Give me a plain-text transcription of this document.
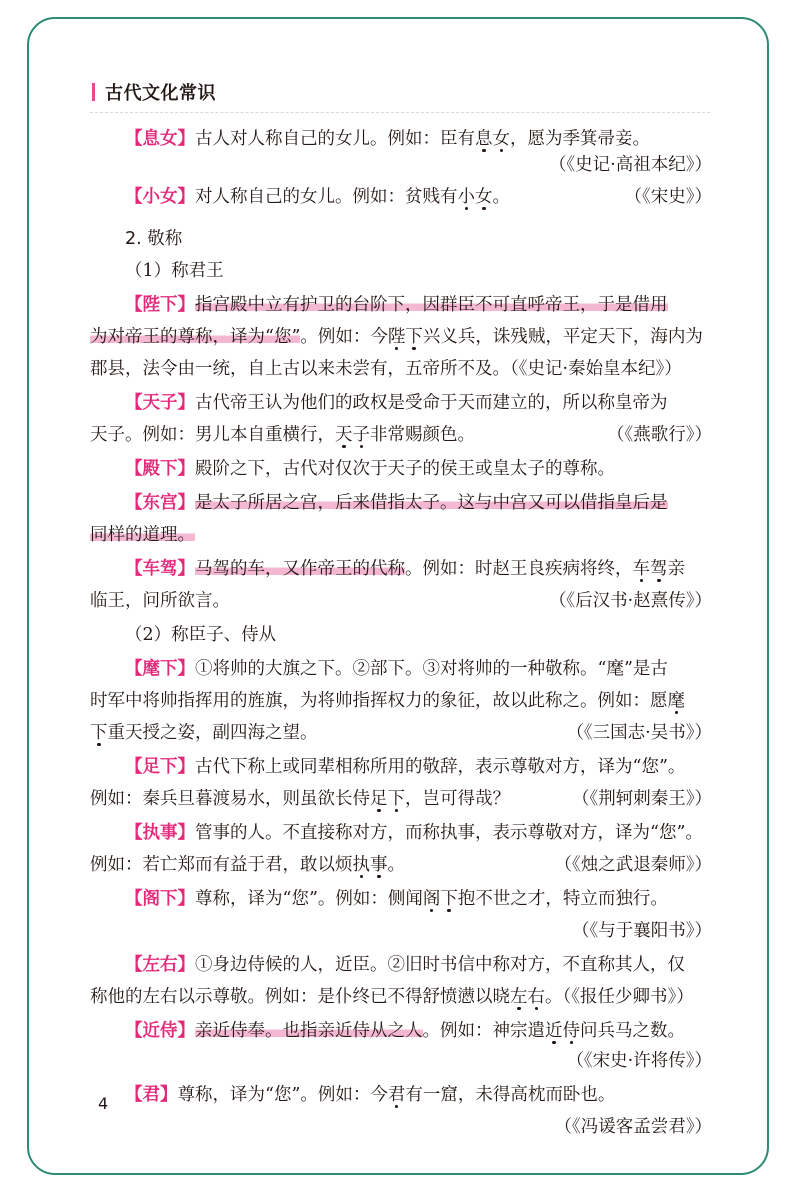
古代文化常识
【息女】古人对人称自己的女儿。例如：臣有息女，愿为季箕帚妾。
（《史记·高祖本纪》）
【小女】对人称自己的女儿。例如：贫贱有小女。	（《宋史》）
2. 敬称
（1）称君王
【陛下】指宫殿中立有护卫的台阶下，因群臣不可直呼帝王，于是借用
为对帝王的尊称，译为“您”。例如：今陛下兴义兵，诛残贼，平定天下，海内为
郡县，法令由一统，自上古以来未尝有，五帝所不及。（《史记·秦始皇本纪》）
【天子】古代帝王认为他们的政权是受命于天而建立的，所以称皇帝为
天子。例如：男儿本自重横行，天子非常赐颜色。	（《燕歌行》）
【殿下】殿阶之下，古代对仅次于天子的侯王或皇太子的尊称。
【东宫】是太子所居之宫，后来借指太子。这与中宫又可以借指皇后是
同样的道理。
【车驾】马驾的车，又作帝王的代称。例如：时赵王良疾病将终，车驾亲
临王，问所欲言。	（《后汉书·赵熹传》）
（2）称臣子、侍从
【麾下】①将帅的大旗之下。②部下。③对将帅的一种敬称。“麾”是古
时军中将帅指挥用的旌旗，为将帅指挥权力的象征，故以此称之。例如：愿麾
下重天授之姿，副四海之望。	（《三国志·吴书》）
【足下】古代下称上或同辈相称所用的敬辞，表示尊敬对方，译为“您”。
例如：秦兵旦暮渡易水，则虽欲长侍足下，岂可得哉？	（《荆轲刺秦王》）
【执事】管事的人。不直接称对方，而称执事，表示尊敬对方，译为“您”。
例如：若亡郑而有益于君，敢以烦执事。	（《烛之武退秦师》）
【阁下】尊称，译为“您”。例如：侧闻阁下抱不世之才，特立而独行。
（《与于襄阳书》）
【左右】①身边侍候的人，近臣。②旧时书信中称对方，不直称其人，仅
称他的左右以示尊敬。例如：是仆终已不得舒愤懑以晓左右。（《报任少卿书》）
【近侍】亲近侍奉。也指亲近侍从之人。例如：神宗遣近侍问兵马之数。
（《宋史·许将传》）
【君】尊称，译为“您”。例如：今君有一窟，未得高枕而卧也。
（《冯谖客孟尝君》）
4
